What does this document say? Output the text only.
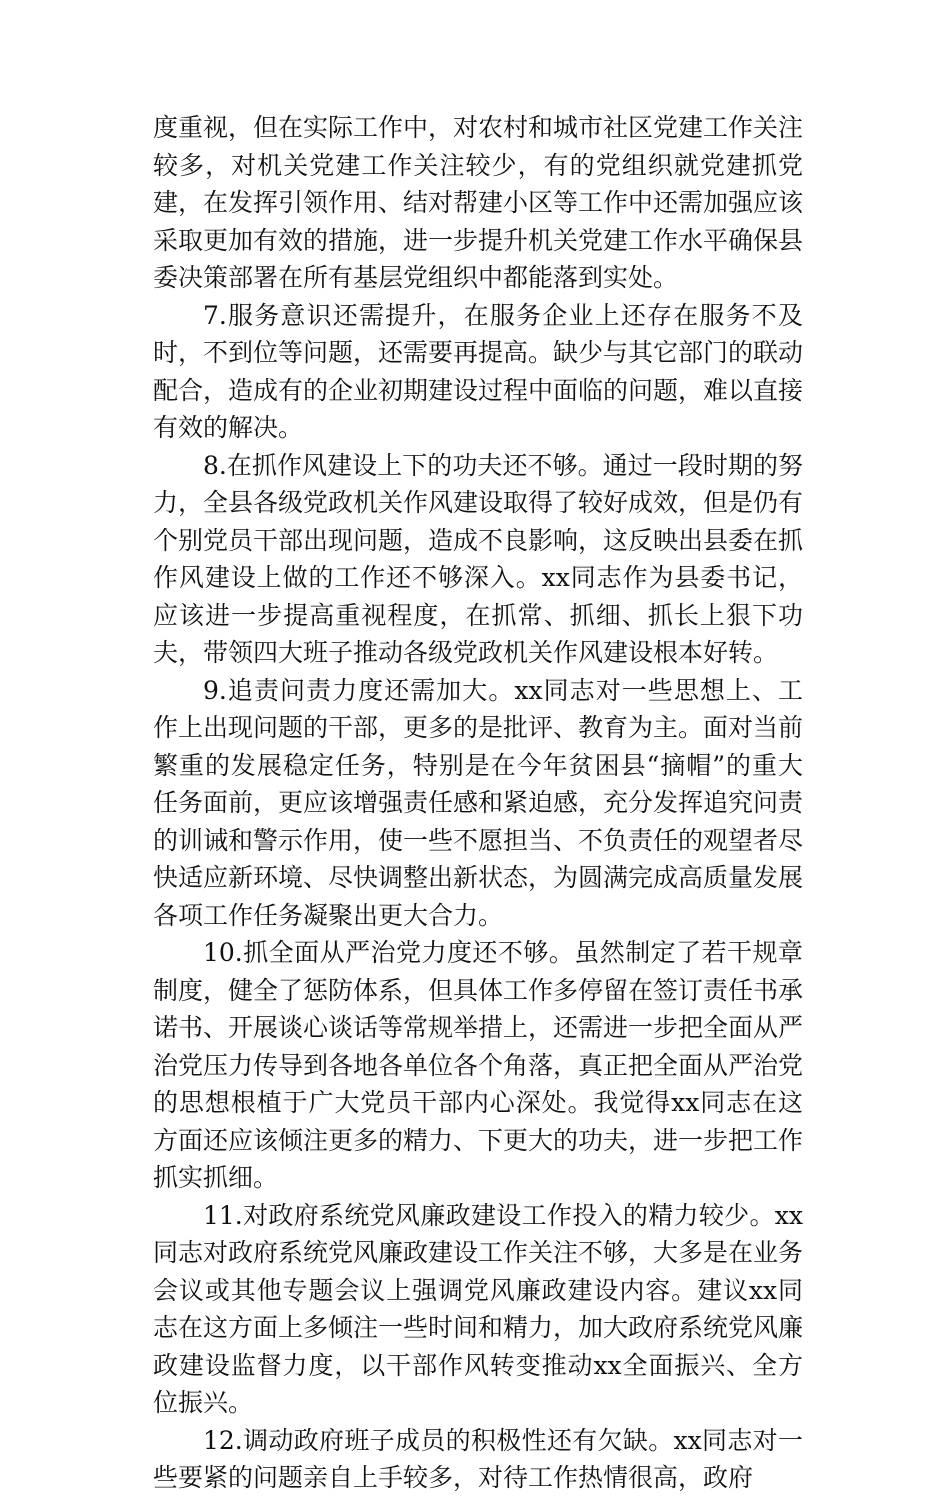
度重视，但在实际工作中，对农村和城市社区党建工作关注较多，对机关党建工作关注较少，有的党组织就党建抓党建，在发挥引领作用、结对帮建小区等工作中还需加强应该采取更加有效的措施，进一步提升机关党建工作水平确保县委决策部署在所有基层党组织中都能落到实处。

7.服务意识还需提升，在服务企业上还存在服务不及时，不到位等问题，还需要再提高。缺少与其它部门的联动配合，造成有的企业初期建设过程中面临的问题，难以直接有效的解决。

8.在抓作风建设上下的功夫还不够。通过一段时期的努力，全县各级党政机关作风建设取得了较好成效，但是仍有个别党员干部出现问题，造成不良影响，这反映出县委在抓作风建设上做的工作还不够深入。xx同志作为县委书记，应该进一步提高重视程度，在抓常、抓细、抓长上狠下功夫，带领四大班子推动各级党政机关作风建设根本好转。

9.追责问责力度还需加大。xx同志对一些思想上、工作上出现问题的干部，更多的是批评、教育为主。面对当前繁重的发展稳定任务，特别是在今年贫困县“摘帽”的重大任务面前，更应该增强责任感和紧迫感，充分发挥追究问责的训诫和警示作用，使一些不愿担当、不负责任的观望者尽快适应新环境、尽快调整出新状态，为圆满完成高质量发展各项工作任务凝聚出更大合力。

10.抓全面从严治党力度还不够。虽然制定了若干规章制度，健全了惩防体系，但具体工作多停留在签订责任书承诺书、开展谈心谈话等常规举措上，还需进一步把全面从严治党压力传导到各地各单位各个角落，真正把全面从严治党的思想根植于广大党员干部内心深处。我觉得xx同志在这方面还应该倾注更多的精力、下更大的功夫，进一步把工作抓实抓细。

11.对政府系统党风廉政建设工作投入的精力较少。xx同志对政府系统党风廉政建设工作关注不够，大多是在业务会议或其他专题会议上强调党风廉政建设内容。建议xx同志在这方面上多倾注一些时间和精力，加大政府系统党风廉政建设监督力度，以干部作风转变推动xx全面振兴、全方位振兴。

12.调动政府班子成员的积极性还有欠缺。xx同志对一些要紧的问题亲自上手较多，对待工作热情很高，政府
